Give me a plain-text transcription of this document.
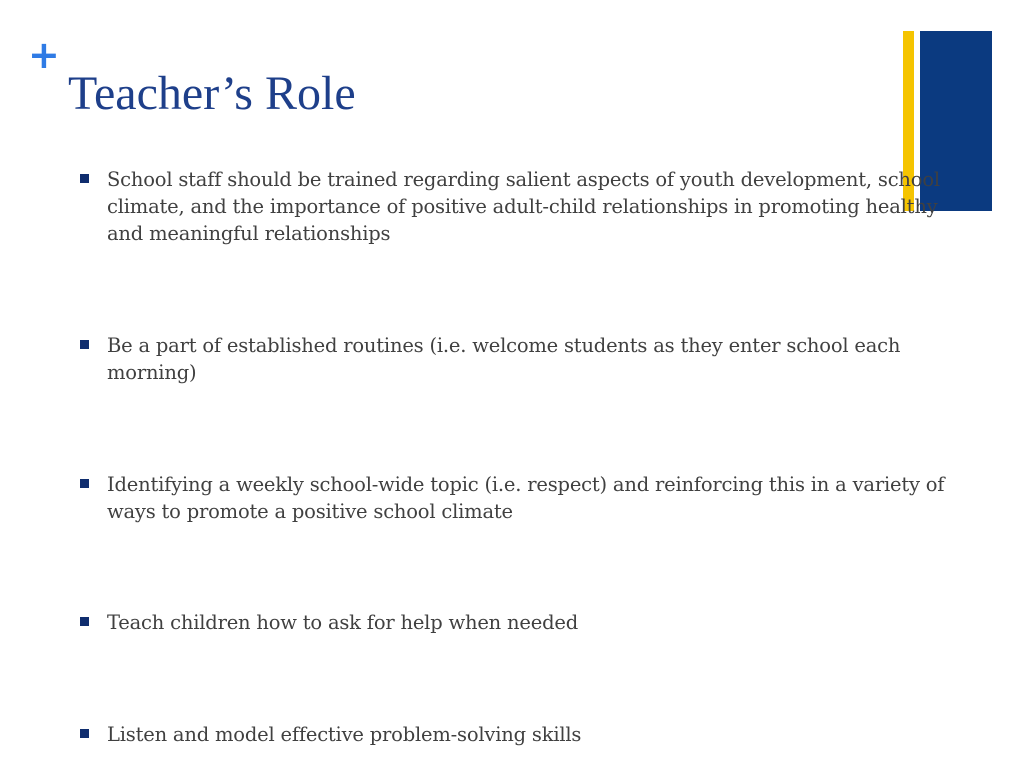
+
Teacher’s Role
School staff should be trained regarding salient aspects of youth development, school climate, and the importance of positive adult-child relationships in promoting healthy and meaningful relationships
Be a part of established routines (i.e. welcome students as they enter school each morning)
Identifying a weekly school-wide topic (i.e. respect) and reinforcing this in a variety of ways to promote a positive school climate
Teach children how to ask for help when needed
Listen and model effective problem-solving skills
